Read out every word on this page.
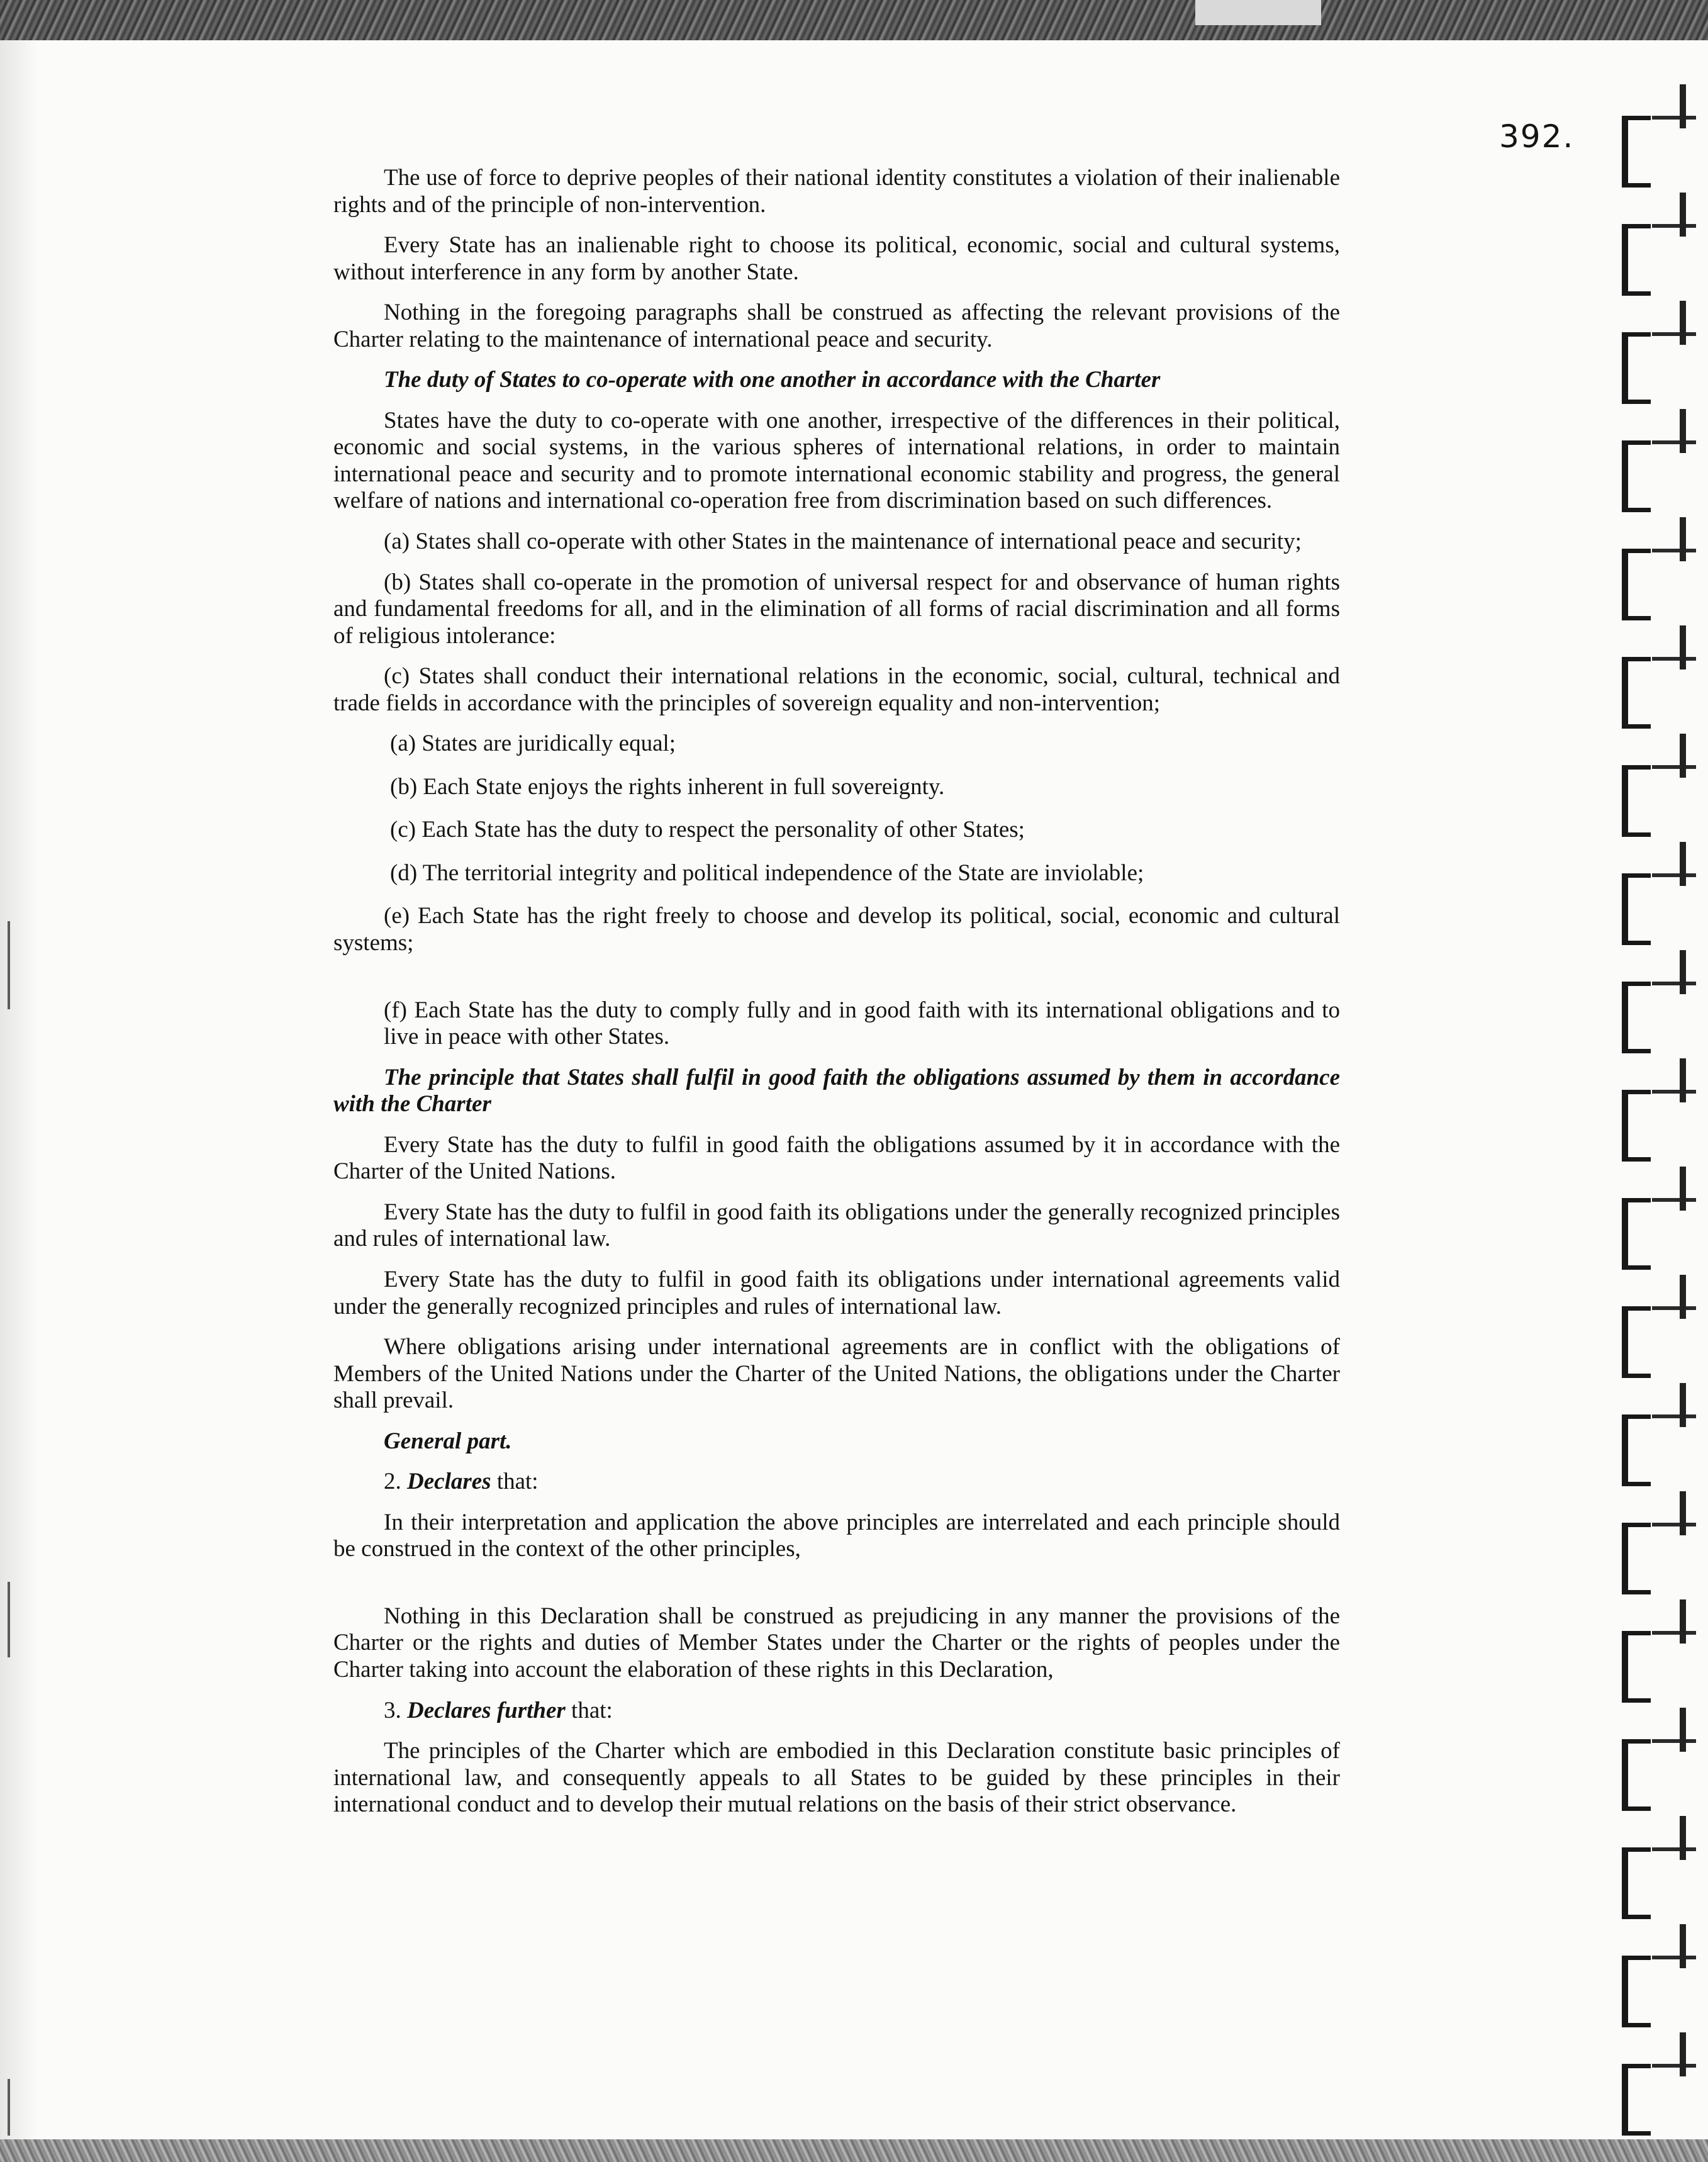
392.

The use of force to deprive peoples of their national identity constitutes a violation of their inalienable rights and of the principle of non-intervention.

Every State has an inalienable right to choose its political, economic, social and cultural systems, without interference in any form by another State.

Nothing in the foregoing paragraphs shall be construed as affecting the relevant provisions of the Charter relating to the maintenance of international peace and security.

The duty of States to co-operate with one another in accordance with the Charter

States have the duty to co-operate with one another, irrespective of the differences in their political, economic and social systems, in the various spheres of international relations, in order to maintain international peace and security and to promote international economic stability and progress, the general welfare of nations and international co-operation free from discrimination based on such differences.

(a) States shall co-operate with other States in the maintenance of international peace and security;

(b) States shall co-operate in the promotion of universal respect for and observance of human rights and fundamental freedoms for all, and in the elimination of all forms of racial discrimination and all forms of religious intolerance:

(c) States shall conduct their international relations in the economic, social, cultural, technical and trade fields in accordance with the principles of sovereign equality and non-intervention;

(a) States are juridically equal;

(b) Each State enjoys the rights inherent in full sovereignty.

(c) Each State has the duty to respect the personality of other States;

(d) The territorial integrity and political independence of the State are inviolable;

(e) Each State has the right freely to choose and develop its political, social, economic and cultural systems;

(f) Each State has the duty to comply fully and in good faith with its international obligations and to live in peace with other States.

The principle that States shall fulfil in good faith the obligations assumed by them in accordance with the Charter

Every State has the duty to fulfil in good faith the obligations assumed by it in accordance with the Charter of the United Nations.

Every State has the duty to fulfil in good faith its obligations under the generally recognized principles and rules of international law.

Every State has the duty to fulfil in good faith its obligations under international agreements valid under the generally recognized principles and rules of international law.

Where obligations arising under international agreements are in conflict with the obligations of Members of the United Nations under the Charter of the United Nations, the obligations under the Charter shall prevail.

General part.

2. Declares that:

In their interpretation and application the above principles are interrelated and each principle should be construed in the context of the other principles,

Nothing in this Declaration shall be construed as prejudicing in any manner the provisions of the Charter or the rights and duties of Member States under the Charter or the rights of peoples under the Charter taking into account the elaboration of these rights in this Declaration,

3. Declares further that:

The principles of the Charter which are embodied in this Declaration constitute basic principles of international law, and consequently appeals to all States to be guided by these principles in their international conduct and to develop their mutual relations on the basis of their strict observance.
